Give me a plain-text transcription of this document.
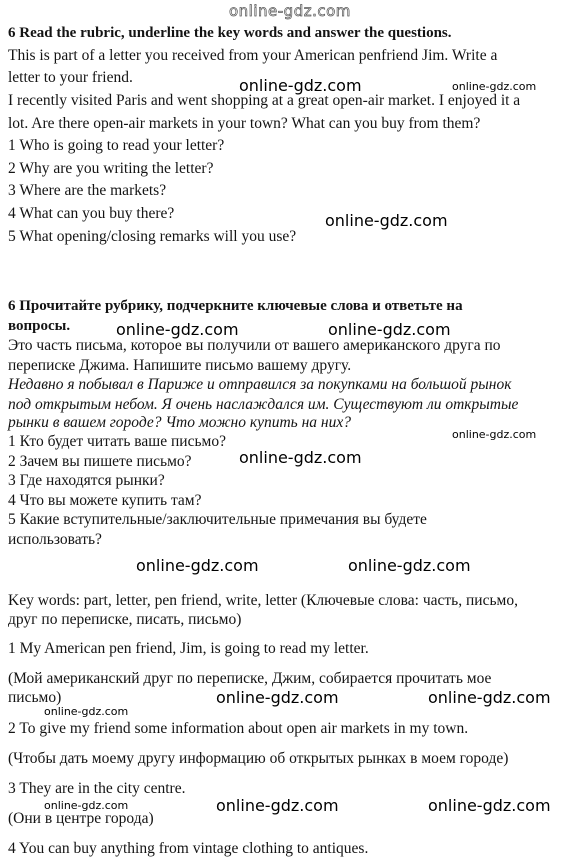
online-gdz.com
6 Read the rubric, underline the key words and answer the questions.
This is part of a letter you received from your American penfriend Jim. Write a
letter to your friend.
I recently visited Paris and went shopping at a great open-air market. I enjoyed it a
lot. Are there open-air markets in your town? What can you buy from them?
1 Who is going to read your letter?
2 Why are you writing the letter?
3 Where are the markets?
4 What can you buy there?
5 What opening/closing remarks will you use?
6 Прочитайте рубрику, подчеркните ключевые слова и ответьте на
вопросы.
Это часть письма, которое вы получили от вашего американского друга по
переписке Джима. Напишите письмо вашему другу.
Недавно я побывал в Париже и отправился за покупками на большой рынок
под открытым небом. Я очень наслаждался им. Существуют ли открытые
рынки в вашем городе? Что можно купить на них?
1 Кто будет читать ваше письмо?
2 Зачем вы пишете письмо?
3 Где находятся рынки?
4 Что вы можете купить там?
5 Какие вступительные/заключительные примечания вы будете
использовать?
Key words: part, letter, pen friend, write, letter (Ключевые слова: часть, письмо,
друг по переписке, писать, письмо)
1 My American pen friend, Jim, is going to read my letter.
(Мой американский друг по переписке, Джим, собирается прочитать мое
письмо)
2 To give my friend some information about open air markets in my town.
(Чтобы дать моему другу информацию об открытых рынках в моем городе)
3 They are in the city centre.
(Они в центре города)
4 You can buy anything from vintage clothing to antiques.
online-gdz.com	online-gdz.com
online-gdz.com
online-gdz.com	online-gdz.com
online-gdz.com
online-gdz.com
online-gdz.com	online-gdz.com
online-gdz.com	online-gdz.com
online-gdz.com
online-gdz.com	online-gdz.com
online-gdz.com
